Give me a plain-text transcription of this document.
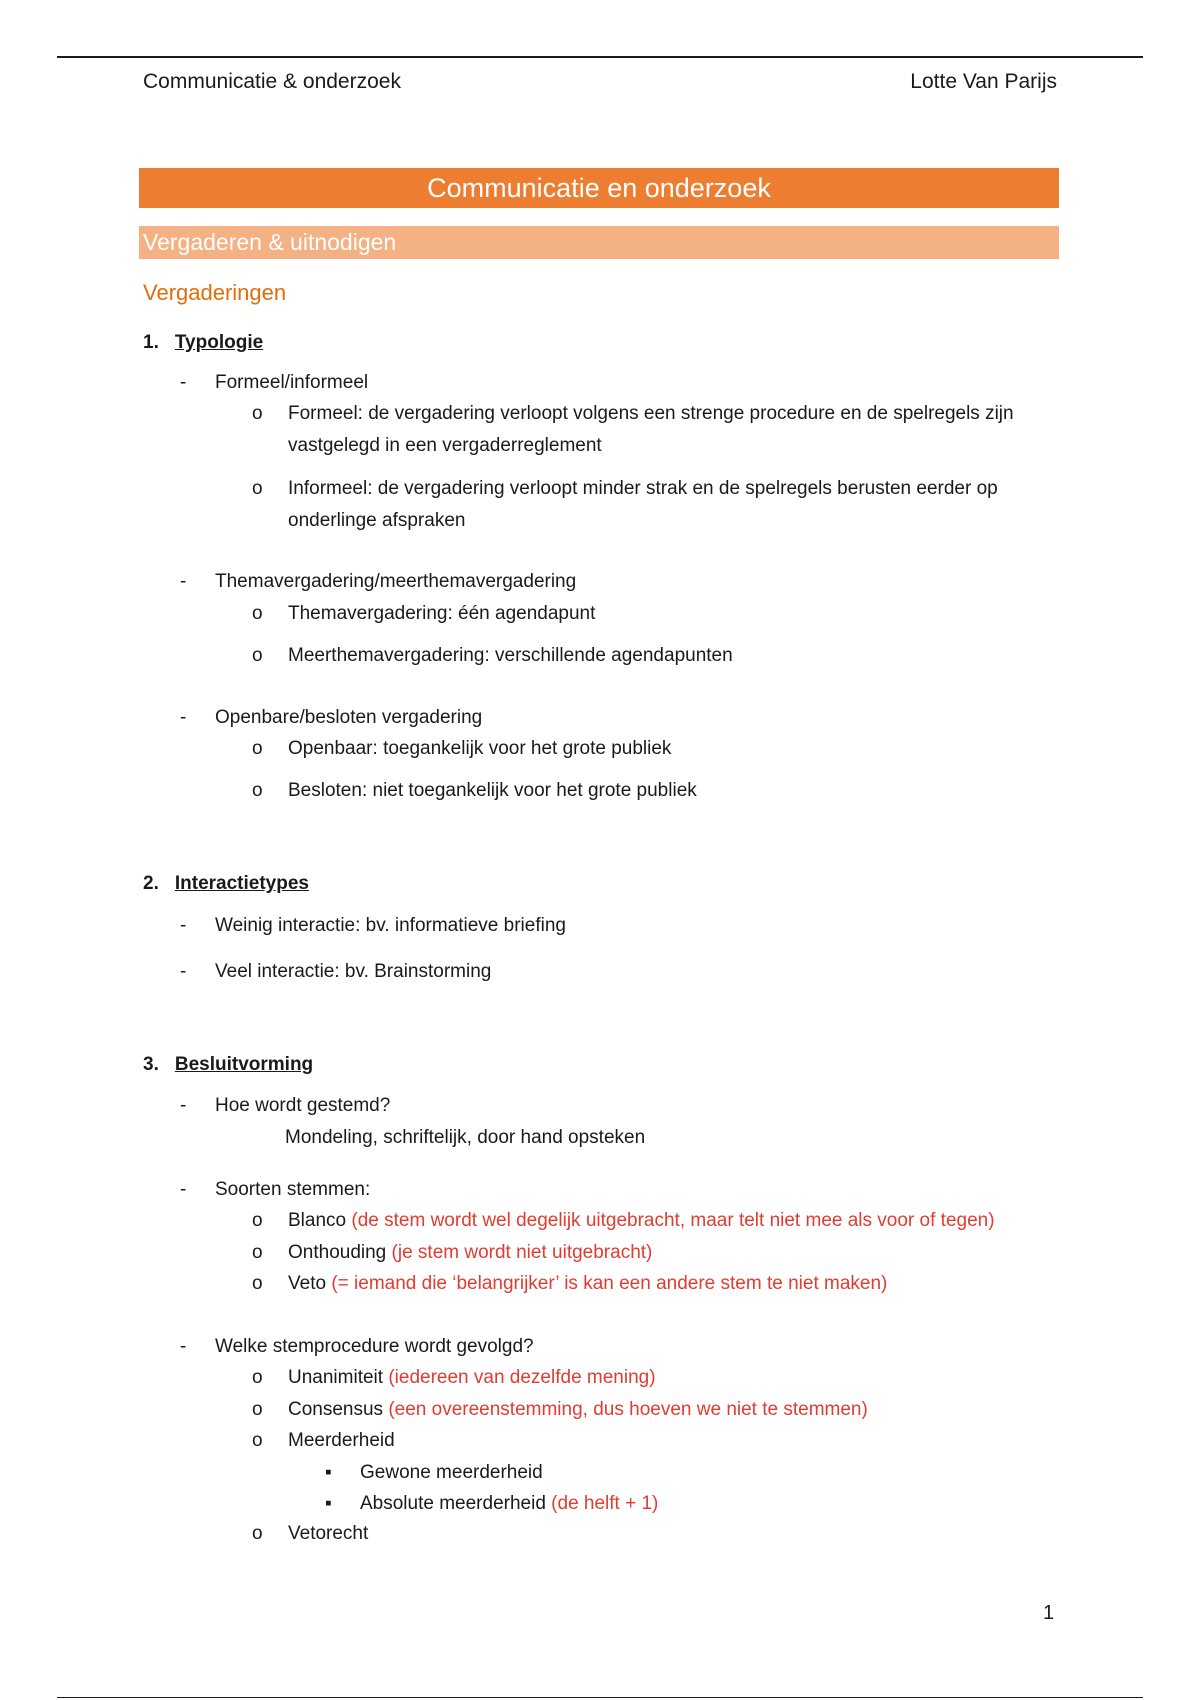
Communicatie & onderzoek	Lotte Van Parijs
Communicatie en onderzoek
Vergaderen & uitnodigen
Vergaderingen
1. Typologie
- Formeel/informeel
o Formeel: de vergadering verloopt volgens een strenge procedure en de spelregels zijn vastgelegd in een vergaderreglement
o Informeel: de vergadering verloopt minder strak en de spelregels berusten eerder op onderlinge afspraken
- Themavergadering/meerthemavergadering
o Themavergadering: één agendapunt
o Meerthemavergadering: verschillende agendapunten
- Openbare/besloten vergadering
o Openbaar: toegankelijk voor het grote publiek
o Besloten: niet toegankelijk voor het grote publiek
2. Interactietypes
- Weinig interactie: bv. informatieve briefing
- Veel interactie: bv. Brainstorming
3. Besluitvorming
- Hoe wordt gestemd?
Mondeling, schriftelijk, door hand opsteken
- Soorten stemmen:
o Blanco (de stem wordt wel degelijk uitgebracht, maar telt niet mee als voor of tegen)
o Onthouding (je stem wordt niet uitgebracht)
o Veto (= iemand die ‘belangrijker’ is kan een andere stem te niet maken)
- Welke stemprocedure wordt gevolgd?
o Unanimiteit (iedereen van dezelfde mening)
o Consensus (een overeenstemming, dus hoeven we niet te stemmen)
o Meerderheid
▪ Gewone meerderheid
▪ Absolute meerderheid (de helft + 1)
o Vetorecht
1
